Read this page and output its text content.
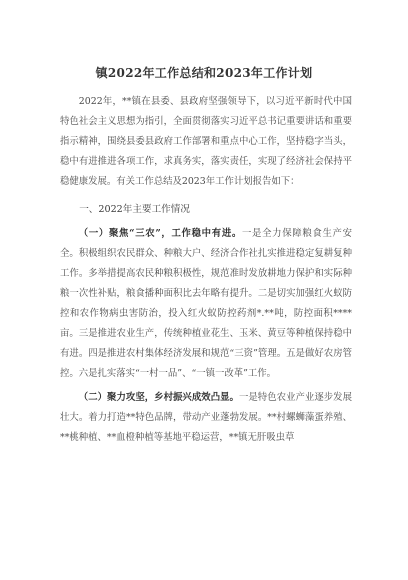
镇2022年工作总结和2023年工作计划

2022年，**镇在县委、县政府坚强领导下，以习近平新时代中国特色社会主义思想为指引，全面贯彻落实习近平总书记重要讲话和重要指示精神，围绕县委县政府工作部署和重点中心工作，坚持稳字当头，稳中有进推进各项工作，求真务实，落实责任，实现了经济社会保持平稳健康发展。有关工作总结及2023年工作计划报告如下：

一、2022年主要工作情况

（一）聚焦“三农”，工作稳中有进。一是全力保障粮食生产安全。积极组织农民群众、种粮大户、经济合作社扎实推进稳定复耕复种工作。多举措提高农民种粮积极性，规范准时发放耕地力保护和实际种粮一次性补贴，粮食播种面积比去年略有提升。二是切实加强红火蚁防控和农作物病虫害防治，投入红火蚁防控药剂*.**吨，防控面积****亩。三是推进农业生产，传统种植业花生、玉米、黄豆等种植保持稳中有进。四是推进农村集体经济发展和规范“三资”管理。五是做好农房管控。六是扎实落实“一村一品”、“一镇一改革”工作。

（二）聚力攻坚，乡村振兴成效凸显。一是特色农业产业逐步发展壮大。着力打造**特色品牌，带动产业蓬勃发展。**村螺蛳藻蛋养殖、**桃种植、**血橙种植等基地平稳运营，**镇无肝吸虫草
